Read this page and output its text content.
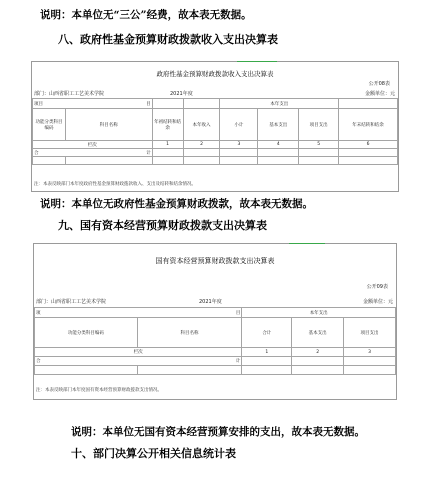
说明：本单位无“三公”经费，故本表无数据。
八、政府性基金预算财政拨款收入支出决算表
政府性基金预算财政拨款收入支出决算表
公开08表
部门：山西省职工工艺美术学院	2021年度	金额单位：元
项目 目				本年支出			
功能分类科目编码	科目名称	年初结转和结余	本年收入	小计	基本支出	项目支出	年末结转和结余
栏次		1	2	3	4	5	6
合 计							

注：本表反映部门本年度政府性基金预算财政拨款收入、支出及结转和结余情况。
说明：本单位无政府性基金预算财政拨款，故本表无数据。
九、国有资本经营预算财政拨款支出决算表
国有资本经营预算财政拨款支出决算表
公开09表
部门：山西省职工工艺美术学院	2021年度	金额单位：元
项 目		本年支出		
功能分类科目编码	科目名称	合计	基本支出	项目支出
栏次		1	2	3
合 计				

注：本表反映部门本年度国有资本经营预算财政拨款支出情况。
说明：本单位无国有资本经营预算安排的支出，故本表无数据。
十、部门决算公开相关信息统计表
